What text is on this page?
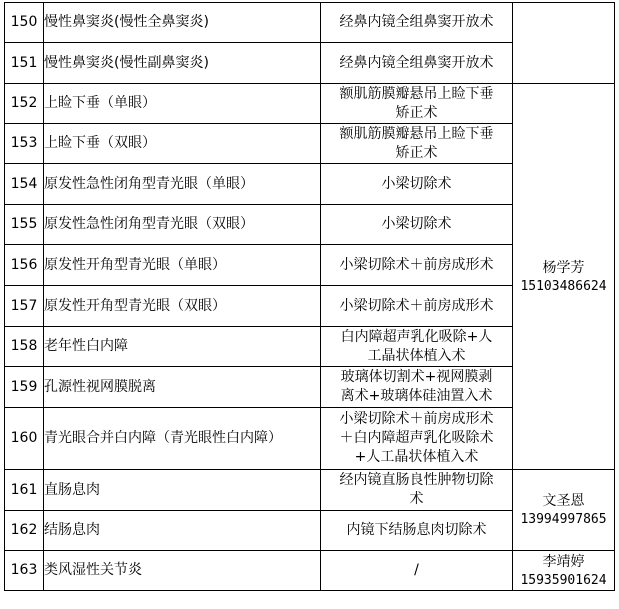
150	慢性鼻窦炎(慢性全鼻窦炎)	经鼻内镜全组鼻窦开放术	

151	慢性鼻窦炎(慢性副鼻窦炎)	经鼻内镜全组鼻窦开放术	

152	上睑下垂（单眼）	额肌筋膜瓣悬吊上睑下垂
矫正术	杨学芳
15103486624

153	上睑下垂（双眼）	额肌筋膜瓣悬吊上睑下垂
矫正术	

154	原发性急性闭角型青光眼（单眼）	小梁切除术	

155	原发性急性闭角型青光眼（双眼）	小梁切除术	

156	原发性开角型青光眼（单眼）	小梁切除术＋前房成形术	

157	原发性开角型青光眼（双眼）	小梁切除术＋前房成形术	

158	老年性白内障	白内障超声乳化吸除+人
工晶状体植入术	

159	孔源性视网膜脱离	玻璃体切割术+视网膜剥
离术+玻璃体硅油置入术	

160	青光眼合并白内障（青光眼性白内障）	小梁切除术＋前房成形术
＋白内障超声乳化吸除术
+人工晶状体植入术	

161	直肠息肉	经内镜直肠良性肿物切除
术	文圣恩
13994997865

162	结肠息肉	内镜下结肠息肉切除术	

163	类风湿性关节炎	/	李靖婷
15935901624
